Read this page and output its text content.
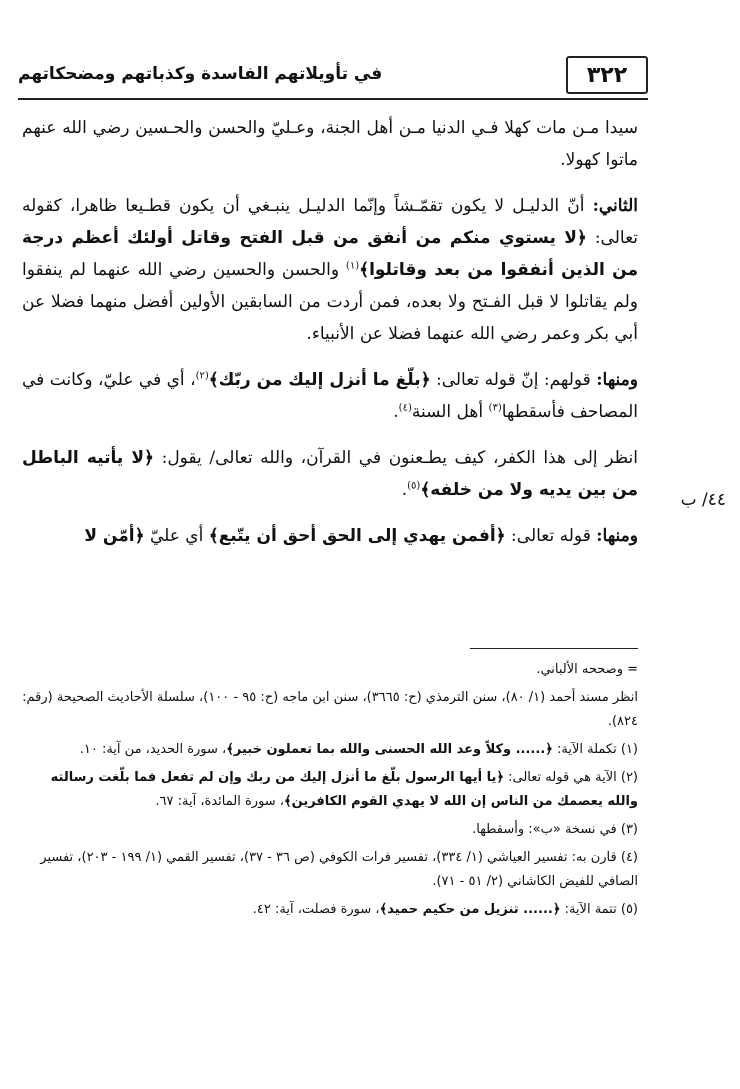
٣٢٢
في تأويلاتهم الفاسدة وكذباتهم ومضحكاتهم
٤٤/ ب

سيدا مـن مات كهلا فـي الدنيا مـن أهل الجنة، وعـليّ والحسن والحـسين رضي الله عنهم ماتوا كهولا.

الثاني: أنّ الدليـل لا يكون تقمّـشاً وإنّما الدليـل ينبـغي أن يكون قطـيعا ظاهرا، كقوله تعالى: ﴿لا يستوي منكم من أنفق من قبل الفتح وقاتل أولئك أعظم درجة من الذين أنفقوا من بعد وقاتلوا﴾$^{(١)}$ والحسن والحسين رضي الله عنهما لم ينفقوا ولم يقاتلوا لا قبل الفـتح ولا بعده، فمن أردت من السابقين الأولين أفضل منهما فضلا عن أبي بكر وعمر رضي الله عنهما فضلا عن الأنبياء.

ومنها: قولهم: إنّ قوله تعالى: ﴿بلّغ ما أنزل إليك من ربّك﴾$^{(٢)}$، أي في عليّ، وكانت في المصاحف فأسقطها$^{(٣)}$ أهل السنة$^{(٤)}$.

انظر إلى هذا الكفر، كيف يطـعنون في القرآن، والله تعالى/ يقول: ﴿لا يأتيه الباطل من بين يديه ولا من خلفه﴾$^{(٥)}$.

ومنها: قوله تعالى: ﴿أفمن يهدي إلى الحق أحق أن يتّبع﴾ أي عليّ ﴿أمّن لا

= وصححه الألباني.

انظر مسند أحمد (١/ ٨٠)، سنن الترمذي (ح: ٣٦٦٥)، سنن ابن ماجه (ح: ٩٥ - ١٠٠)، سلسلة الأحاديث الصحيحة (رقم: ٨٢٤).

(١) تكملة الآية: ﴿...... وكلاً وعد الله الحسنى والله بما تعملون خبير﴾، سورة الحديد، من آية: ١٠.

(٢) الآية هي قوله تعالى: ﴿يا أيها الرسول بلّغ ما أنزل إليك من ربك وإن لم تفعل فما بلّغت رسالته والله يعصمك من الناس إن الله لا يهدي القوم الكافرين﴾، سورة المائدة، آية: ٦٧.

(٣) في نسخة «ب»: وأسقطها.

(٤) قارن به: تفسير العياشي (١/ ٣٣٤)، تفسير فرات الكوفي (ص ٣٦ - ٣٧)، تفسير القمي (١/ ١٩٩ - ٢٠٣)، تفسير الصافي للفيض الكاشاني (٢/ ٥١ - ٧١).

(٥) تتمة الآية: ﴿...... تنزيل من حكيم حميد﴾، سورة فصلت، آية: ٤٢.
